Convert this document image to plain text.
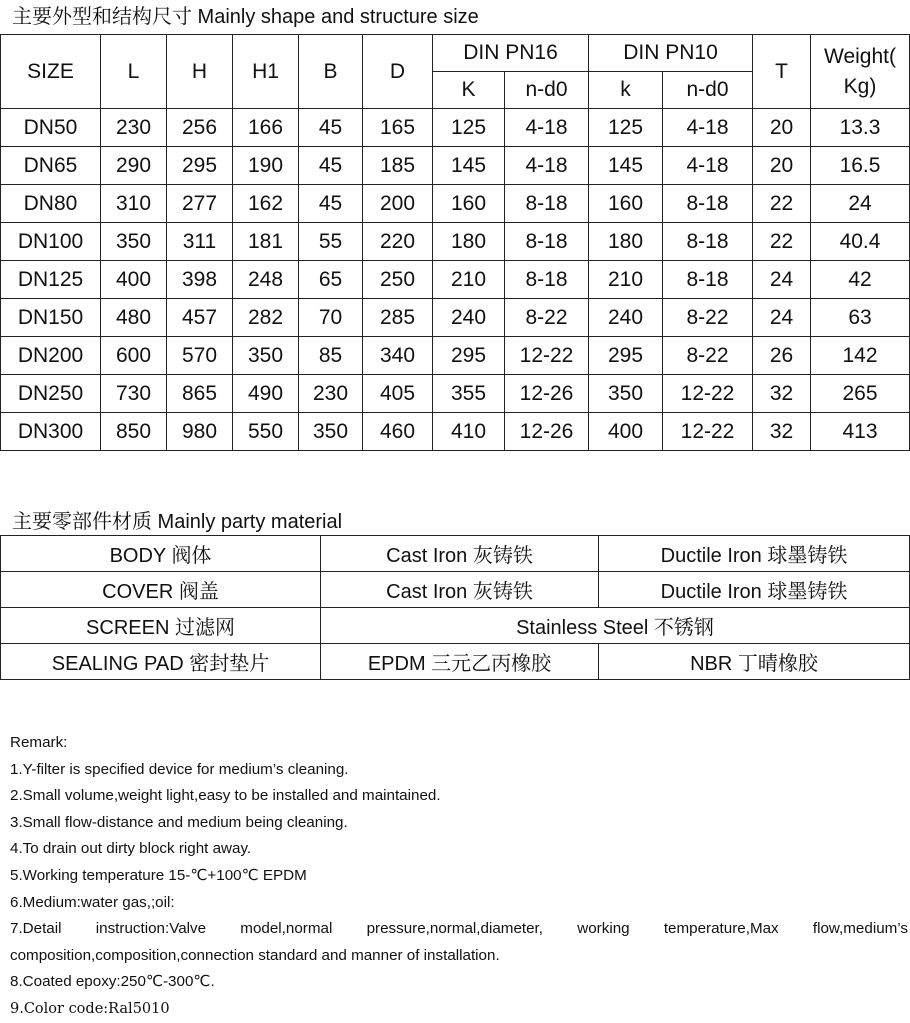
主要外型和结构尺寸 Mainly shape and structure size
SIZE	L	H	H1	B	D	DIN PN16		DIN PN10		T	Weight(
Kg)

						K	n-d0	k	n-d0		
DN50	230	256	166	45	165	125	4-18	125	4-18	20	13.3
DN65	290	295	190	45	185	145	4-18	145	4-18	20	16.5
DN80	310	277	162	45	200	160	8-18	160	8-18	22	24
DN100	350	311	181	55	220	180	8-18	180	8-18	22	40.4
DN125	400	398	248	65	250	210	8-18	210	8-18	24	42
DN150	480	457	282	70	285	240	8-22	240	8-22	24	63
DN200	600	570	350	85	340	295	12-22	295	8-22	26	142
DN250	730	865	490	230	405	355	12-26	350	12-22	32	265
DN300	850	980	550	350	460	410	12-26	400	12-22	32	413
主要零部件材质 Mainly party material
BODY 阀体	Cast Iron 灰铸铁	Ductile Iron 球墨铸铁
COVER 阀盖	Cast Iron 灰铸铁	Ductile Iron 球墨铸铁
SCREEN 过滤网	Stainless Steel 不锈钢	
SEALING PAD 密封垫片	EPDM 三元乙丙橡胶	NBR 丁晴橡胶
Remark:
1.Y-filter is specified device for medium’s cleaning.
2.Small volume,weight light,easy to be installed and maintained.
3.Small flow-distance and medium being cleaning.
4.To drain out dirty block right away.
5.Working temperature 15-℃+100℃ EPDM
6.Medium:water gas,;oil:
7.Detail instruction:Valve model,normal pressure,normal,diameter, working temperature,Max flow,medium’s
composition,composition,connection standard and manner of installation.
8.Coated epoxy:250℃-300℃.
9.Color code:Ral5010
